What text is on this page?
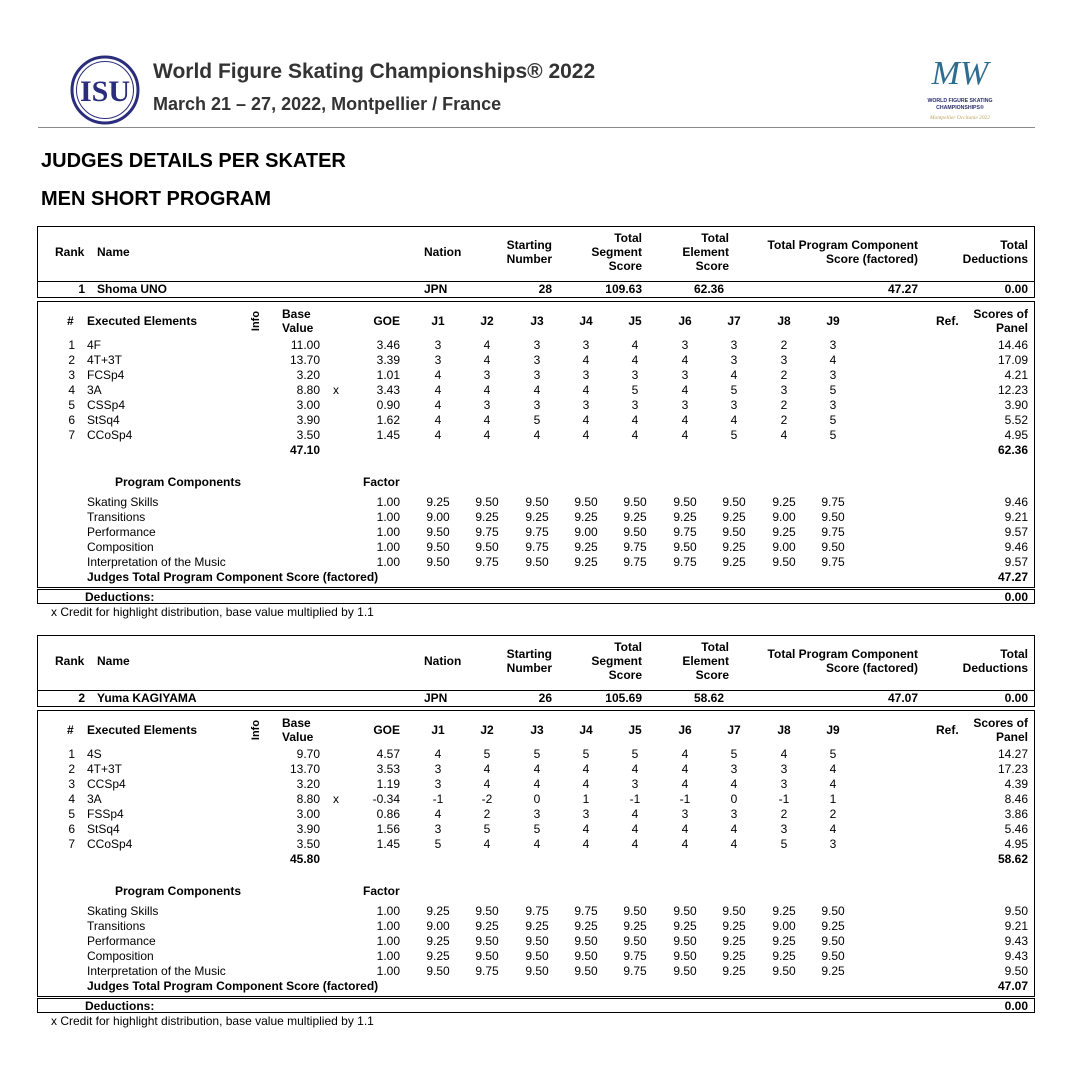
ISU
World Figure Skating Championships® 2022
March 21 – 27, 2022, Montpellier / France
MW
WORLD FIGURE SKATING
CHAMPIONSHIPS®
Montpellier Occitanie 2022
JUDGES DETAILS PER SKATER
MEN SHORT PROGRAM
Rank Name	Nation	Starting
Number
Total
Segment
Score
Total
Element
Score
Total Program Component
Score (factored)
Total
Deductions
1 Shoma UNO	JPN	28	109.63	62.36	47.27	0.00
# Executed Elements	Info Base
Value	GOE	J1	J2	J3	J4	J5	J6	J7	J8	J9	Ref.	Scores of
Panel
1 4F	11.00	3.46	3	4	3	3	4	3	3	2	3	14.46
2 4T+3T	13.70	3.39	3	4	3	4	4	4	3	3	4	17.09
3 FCSp4	3.20	1.01	4	3	3	3	3	3	4	2	3	4.21
4 3A	8.80 x	3.43	4	4	4	4	5	4	5	3	5	12.23
5 CSSp4	3.00	0.90	4	3	3	3	3	3	3	2	3	3.90
6 StSq4	3.90	1.62	4	4	5	4	4	4	4	2	5	5.52
7 CCoSp4	3.50	1.45	4	4	4	4	4	4	5	4	5	4.95
47.10	62.36
Program Components	Factor
Skating Skills	1.00	9.25	9.50	9.50	9.50	9.50	9.50	9.50	9.25	9.75	9.46
Transitions	1.00	9.00	9.25	9.25	9.25	9.25	9.25	9.25	9.00	9.50	9.21
Performance	1.00	9.50	9.75	9.75	9.00	9.50	9.75	9.50	9.25	9.75	9.57
Composition	1.00	9.50	9.50	9.75	9.25	9.75	9.50	9.25	9.00	9.50	9.46
Interpretation of the Music	1.00	9.50	9.75	9.50	9.25	9.75	9.75	9.25	9.50	9.75	9.57
Judges Total Program Component Score (factored)	47.27
Deductions:	0.00
x Credit for highlight distribution, base value multiplied by 1.1
Rank Name	Nation	Starting
Number
Total
Segment
Score
Total
Element
Score
Total Program Component
Score (factored)
Total
Deductions
2 Yuma KAGIYAMA	JPN	26	105.69	58.62	47.07	0.00
# Executed Elements	Info Base
Value	GOE	J1	J2	J3	J4	J5	J6	J7	J8	J9	Ref.	Scores of
Panel
1 4S	9.70	4.57	4	5	5	5	5	4	5	4	5	14.27
2 4T+3T	13.70	3.53	3	4	4	4	4	4	3	3	4	17.23
3 CCSp4	3.20	1.19	3	4	4	4	3	4	4	3	4	4.39
4 3A	8.80 x	-0.34	-1	-2	0	1	-1	-1	0	-1	1	8.46
5 FSSp4	3.00	0.86	4	2	3	3	4	3	3	2	2	3.86
6 StSq4	3.90	1.56	3	5	5	4	4	4	4	3	4	5.46
7 CCoSp4	3.50	1.45	5	4	4	4	4	4	4	5	3	4.95
45.80	58.62
Program Components	Factor
Skating Skills	1.00	9.25	9.50	9.75	9.75	9.50	9.50	9.50	9.25	9.50	9.50
Transitions	1.00	9.00	9.25	9.25	9.25	9.25	9.25	9.25	9.00	9.25	9.21
Performance	1.00	9.25	9.50	9.50	9.50	9.50	9.50	9.25	9.25	9.50	9.43
Composition	1.00	9.25	9.50	9.50	9.50	9.75	9.50	9.25	9.25	9.50	9.43
Interpretation of the Music	1.00	9.50	9.75	9.50	9.50	9.75	9.50	9.25	9.50	9.25	9.50
Judges Total Program Component Score (factored)	47.07
Deductions:	0.00
x Credit for highlight distribution, base value multiplied by 1.1
